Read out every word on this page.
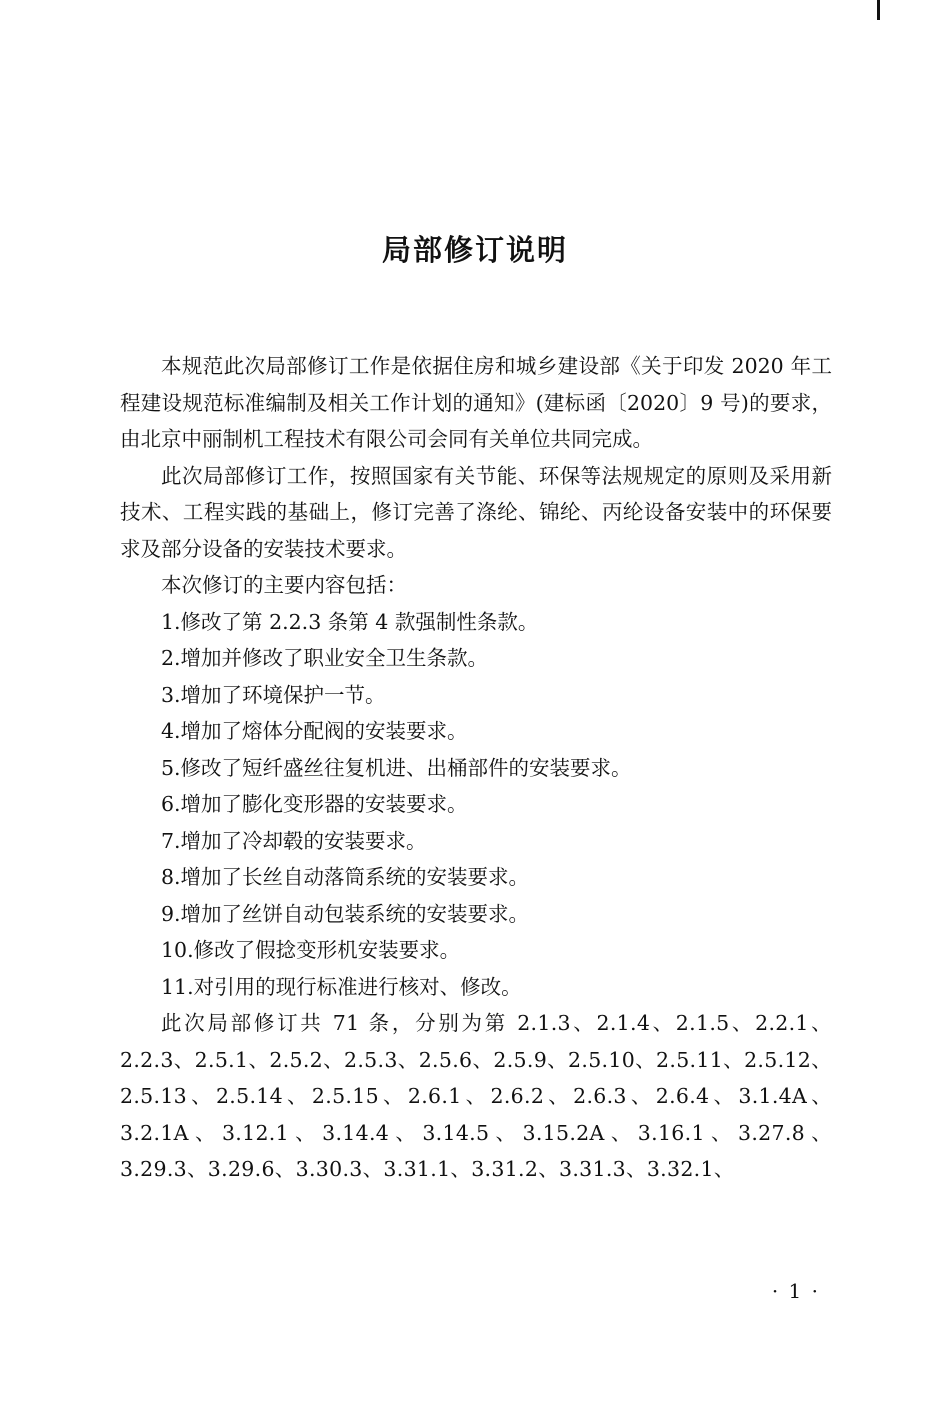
局部修订说明

本规范此次局部修订工作是依据住房和城乡建设部《关于印发 2020 年工程建设规范标准编制及相关工作计划的通知》(建标函〔2020〕9 号)的要求，由北京中丽制机工程技术有限公司会同有关单位共同完成。

此次局部修订工作，按照国家有关节能、环保等法规规定的原则及采用新技术、工程实践的基础上，修订完善了涤纶、锦纶、丙纶设备安装中的环保要求及部分设备的安装技术要求。

本次修订的主要内容包括：

1.修改了第 2.2.3 条第 4 款强制性条款。

2.增加并修改了职业安全卫生条款。

3.增加了环境保护一节。

4.增加了熔体分配阀的安装要求。

5.修改了短纤盛丝往复机进、出桶部件的安装要求。

6.增加了膨化变形器的安装要求。

7.增加了冷却毂的安装要求。

8.增加了长丝自动落筒系统的安装要求。

9.增加了丝饼自动包装系统的安装要求。

10.修改了假捻变形机安装要求。

11.对引用的现行标准进行核对、修改。

此次局部修订共 71 条，分别为第 2.1.3、2.1.4、2.1.5、2.2.1、2.2.3、2.5.1、2.5.2、2.5.3、2.5.6、2.5.9、2.5.10、2.5.11、2.5.12、2.5.13、2.5.14、2.5.15、2.6.1、2.6.2、2.6.3、2.6.4、3.1.4A、3.2.1A、3.12.1、3.14.4、3.14.5、3.15.2A、3.16.1、3.27.8、3.29.3、3.29.6、3.30.3、3.31.1、3.31.2、3.31.3、3.32.1、

· 1 ·
